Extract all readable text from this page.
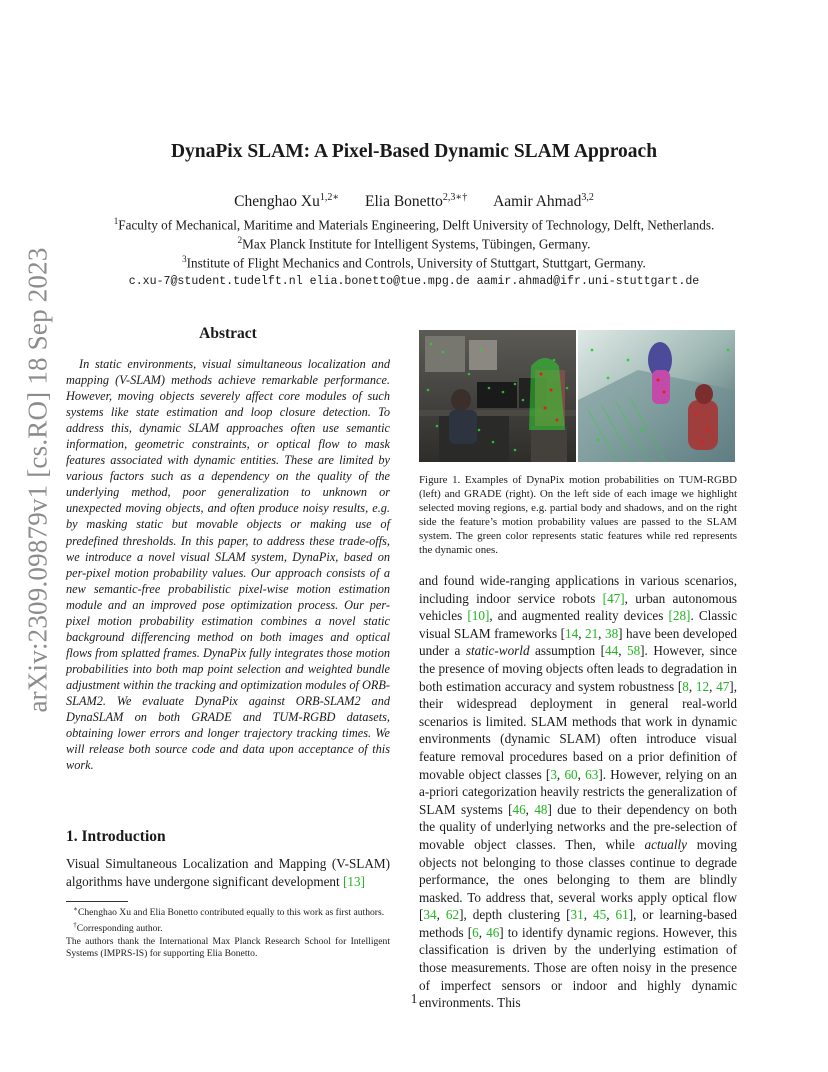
arXiv:2309.09879v1 [cs.RO] 18 Sep 2023
DynaPix SLAM: A Pixel-Based Dynamic SLAM Approach
Chenghao $Xu^{1,2∗}$ Elia Bonetto$^{2,3∗\dagger}$ Aamir Ahmad$^{3,2}$
$^1$Faculty of Mechanical, Maritime and Materials Engineering, Delft University of Technology, Delft, Netherlands.
$^2$Max Planck Institute for Intelligent Systems, Tübingen, Germany.
$^3$Institute of Flight Mechanics and Controls, University of Stuttgart, Stuttgart, Germany.
c.xu-7@student.tudelft.nl elia.bonetto@tue.mpg.de aamir.ahmad@ifr.uni-stuttgart.de
Abstract
In static environments, visual simultaneous localization and mapping (V-SLAM) methods achieve remarkable performance. However, moving objects severely affect core modules of such systems like state estimation and loop closure detection. To address this, dynamic SLAM approaches often use semantic information, geometric constraints, or optical flow to mask features associated with dynamic entities. These are limited by various factors such as a dependency on the quality of the underlying method, poor generalization to unknown or unexpected moving objects, and often produce noisy results, e.g. by masking static but movable objects or making use of predefined thresholds. In this paper, to address these trade-offs, we introduce a novel visual SLAM system, DynaPix, based on per-pixel motion probability values. Our approach consists of a new semantic-free probabilistic pixel-wise motion estimation module and an improved pose optimization process. Our per-pixel motion probability estimation combines a novel static background differencing method on both images and optical flows from splatted frames. DynaPix fully integrates those motion probabilities into both map point selection and weighted bundle adjustment within the tracking and optimization modules of ORB-SLAM2. We evaluate DynaPix against ORB-SLAM2 and DynaSLAM on both GRADE and TUM-RGBD datasets, obtaining lower errors and longer trajectory tracking times. We will release both source code and data upon acceptance of this work.
1. Introduction
Visual Simultaneous Localization and Mapping (V-SLAM) algorithms have undergone significant development [13]

∗Chenghao Xu and Elia Bonetto contributed equally to this work as first authors.

†Corresponding author.

The authors thank the International Max Planck Research School for Intelligent Systems (IMPRS-IS) for supporting Elia Bonetto.

Figure 1. Examples of DynaPix motion probabilities on TUM-RGBD (left) and GRADE (right). On the left side of each image we highlight selected moving regions, e.g. partial body and shadows, and on the right side the feature’s motion probability values are passed to the SLAM system. The green color represents static features while red represents the dynamic ones.
and found wide-ranging applications in various scenarios, including indoor service robots [47], urban autonomous vehicles [10], and augmented reality devices [28]. Classic visual SLAM frameworks [14, 21, 38] have been developed under a static-world assumption [44, 58]. However, since the presence of moving objects often leads to degradation in both estimation accuracy and system robustness [8, 12, 47], their widespread deployment in general real-world scenarios is limited. SLAM methods that work in dynamic environments (dynamic SLAM) often introduce visual feature removal procedures based on a prior definition of movable object classes [3, 60, 63]. However, relying on an a-priori categorization heavily restricts the generalization of SLAM systems [46, 48] due to their dependency on both the quality of underlying networks and the pre-selection of movable object classes. Then, while actually moving objects not belonging to those classes continue to degrade performance, the ones belonging to them are blindly masked. To address that, several works apply optical flow [34, 62], depth clustering [31, 45, 61], or learning-based methods [6, 46] to identify dynamic regions. However, this classification is driven by the underlying estimation of those measurements. Those are often noisy in the presence of imperfect sensors or indoor and highly dynamic environments. This
1
